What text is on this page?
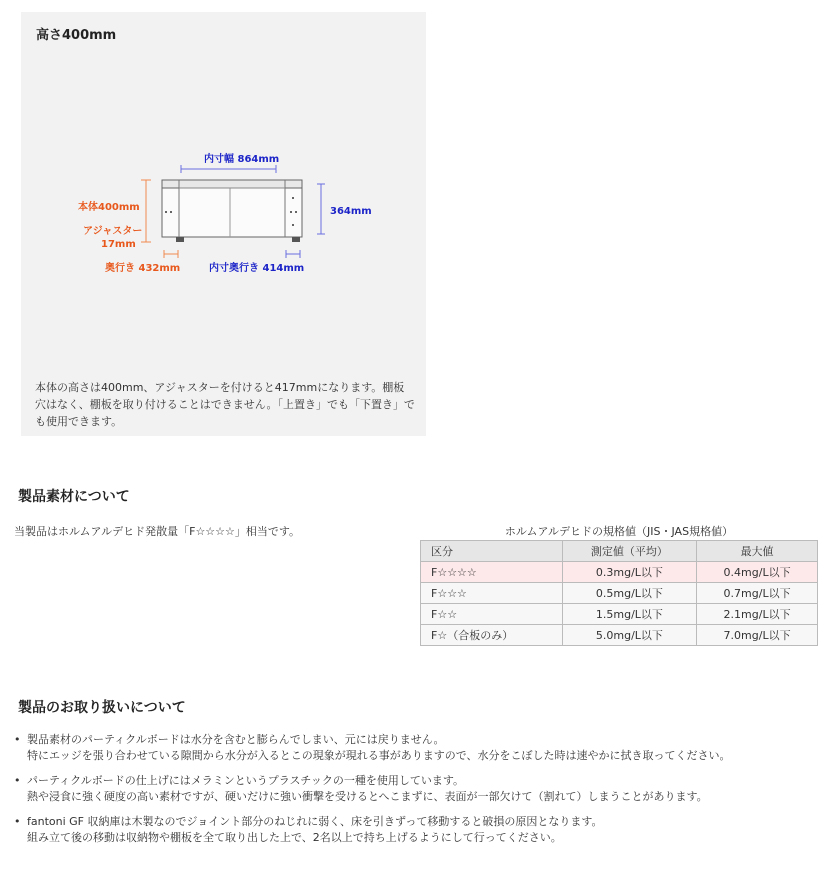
高さ400mm
内寸幅 864mm
本体400mm
アジャスター
17mm
364mm
奥行き 432mm	内寸奥行き 414mm
本体の高さは400mm、アジャスターを付けると417mmになります。棚板穴はなく、棚板を取り付けることはできません。「上置き」でも「下置き」でも使用できます。
製品素材について
当製品はホルムアルデヒド発散量「F☆☆☆☆」相当です。	ホルムアルデヒドの規格値（JIS・JAS規格値）
区分	測定値（平均）	最大値
F☆☆☆☆	0.3mg/L以下	0.4mg/L以下
F☆☆☆	0.5mg/L以下	0.7mg/L以下
F☆☆	1.5mg/L以下	2.1mg/L以下
F☆（合板のみ）	5.0mg/L以下	7.0mg/L以下
製品のお取り扱いについて
• 製品素材のパーティクルボードは水分を含むと膨らんでしまい、元には戻りません。
特にエッジを張り合わせている隙間から水分が入るとこの現象が現れる事がありますので、水分をこぼした時は速やかに拭き取ってください。
• パーティクルボードの仕上げにはメラミンというプラスチックの一種を使用しています。
熱や浸食に強く硬度の高い素材ですが、硬いだけに強い衝撃を受けるとへこまずに、表面が一部欠けて（割れて）しまうことがあります。
• fantoni GF 収納庫は木製なのでジョイント部分のねじれに弱く、床を引きずって移動すると破損の原因となります。
組み立て後の移動は収納物や棚板を全て取り出した上で、2名以上で持ち上げるようにして行ってください。
